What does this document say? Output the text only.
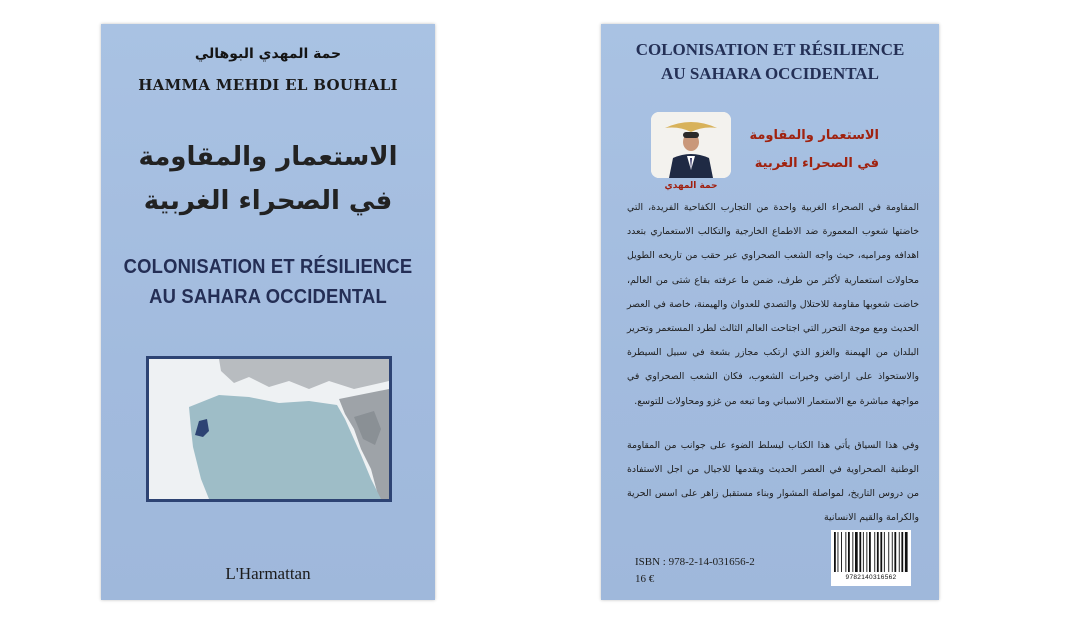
حمة المهدي البوهالي
HAMMA MEHDI EL BOUHALI
الاستعمار والمقاومة
في الصحراء الغربية
COLONISATION ET RÉSILIENCE
AU SAHARA OCCIDENTAL
L'Harmattan
COLONISATION ET RÉSILIENCE
AU SAHARA OCCIDENTAL
حمة المهدي
الاستعمار والمقاومة
في الصحراء الغربية

المقاومة في الصحراء الغربية واحدة من التجارب الكفاحية الفريدة، التي خاضتها شعوب المعمورة ضد الاطماع الخارجية والتكالب الاستعماري بتعدد اهدافه ومراميه، حيث واجه الشعب الصحراوي عبر حقب من تاريخه الطويل محاولات استعمارية لأكثر من طرف، ضمن ما عرفته بقاع شتى من العالم، خاضت شعوبها مقاومة للاحتلال والتصدي للعدوان والهيمنة، خاصة في العصر الحديث ومع موجة التحرر التي اجتاحت العالم الثالث لطرد المستعمر وتحرير البلدان من الهيمنة والغزو الذي ارتكب مجازر بشعة في سبيل السيطرة والاستحواذ على اراضي وخيرات الشعوب، فكان الشعب الصحراوي في مواجهة مباشرة مع الاستعمار الاسباني وما تبعه من غزو ومحاولات للتوسع.

وفي هذا السياق يأتي هذا الكتاب ليسلط الضوء على جوانب من المقاومة الوطنية الصحراوية في العصر الحديث ويقدمها للاجيال من اجل الاستفادة من دروس التاريخ، لمواصلة المشوار وبناء مستقبل زاهر على اسس الحرية والكرامة والقيم الانسانية

ISBN : 978-2-14-031656-2
16 €	9782140316562
